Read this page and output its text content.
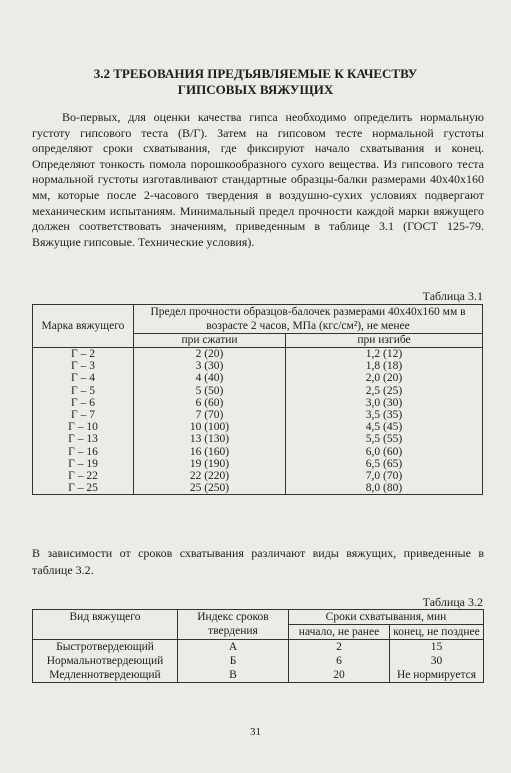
3.2 ТРЕБОВАНИЯ ПРЕДЪЯВЛЯЕМЫЕ К КАЧЕСТВУ
ГИПСОВЫХ ВЯЖУЩИХ
Во-первых, для оценки качества гипса необходимо определить нормальную густоту гипсового теста (В/Г). Затем на гипсовом тесте нормальной густоты определяют сроки схватывания, где фиксируют начало схватывания и конец. Определяют тонкость помола порошкообразного сухого вещества. Из гипсового теста нормальной густоты изготавливают стандартные образцы-балки размерами 40х40х160 мм, которые после 2-часового твердения в воздушно-сухих условиях подвергают механическим испытаниям. Минимальный предел прочности каждой марки вяжущего должен соответствовать значениям, приведенным в таблице 3.1 (ГОСТ 125-79. Вяжущие гипсовые. Технические условия).
Таблица 3.1
Марка вяжущего	Предел прочности образцов-балочек размерами 40х40х160 мм в возрасте 2 часов, МПа (кгс/см²), не менее	
	при сжатии	при изгибе
Г – 2	2 (20)	1,2 (12)
Г – 3	3 (30)	1,8 (18)
Г – 4	4 (40)	2,0 (20)
Г – 5	5 (50)	2,5 (25)
Г – 6	6 (60)	3,0 (30)
Г – 7	7 (70)	3,5 (35)
Г – 10	10 (100)	4,5 (45)
Г – 13	13 (130)	5,5 (55)
Г – 16	16 (160)	6,0 (60)
Г – 19	19 (190)	6,5 (65)
Г – 22	22 (220)	7,0 (70)
Г – 25	25 (250)	8,0 (80)
В зависимости от сроков схватывания различают виды вяжущих, приведенные в таблице 3.2.
Таблица 3.2
Вид вяжущего	Индекс сроков твердения	Сроки схватывания, мин	
		начало, не ранее	конец, не позднее
Быстротвердеющий	А	2	15
Нормальнотвердеющий	Б	6	30
Медленнотвердеющий	В	20	Не нормируется
31
